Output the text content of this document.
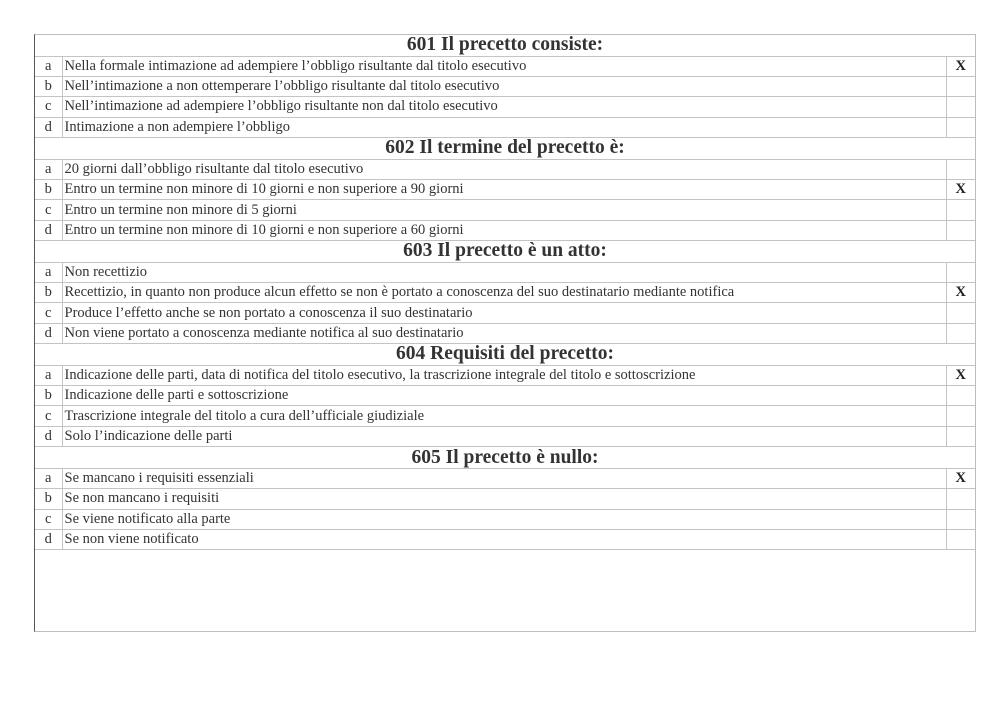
601 Il precetto consiste:		
a	Nella formale intimazione ad adempiere l’obbligo risultante dal titolo esecutivo	X
b	Nell’intimazione a non ottemperare l’obbligo risultante dal titolo esecutivo	
c	Nell’intimazione ad adempiere l’obbligo risultante non dal titolo esecutivo	
d	Intimazione a non adempiere l’obbligo	
602 Il termine del precetto è:		
a	20 giorni dall’obbligo risultante dal titolo esecutivo	
b	Entro un termine non minore di 10 giorni e non superiore a 90 giorni	X
c	Entro un termine non minore di 5 giorni	
d	Entro un termine non minore di 10 giorni e non superiore a 60 giorni	
603 Il precetto è un atto:		
a	Non recettizio	
b	Recettizio, in quanto non produce alcun effetto se non è portato a conoscenza del suo destinatario mediante notifica	X
c	Produce l’effetto anche se non portato a conoscenza il suo destinatario	
d	Non viene portato a conoscenza mediante notifica al suo destinatario	
604 Requisiti del precetto:		
a	Indicazione delle parti, data di notifica del titolo esecutivo, la trascrizione integrale del titolo e sottoscrizione	X
b	Indicazione delle parti e sottoscrizione	
c	Trascrizione integrale del titolo a cura dell’ufficiale giudiziale	
d	Solo l’indicazione delle parti	
605 Il precetto è nullo:		
a	Se mancano i requisiti essenziali	X
b	Se non mancano i requisiti	
c	Se viene notificato alla parte	
d	Se non viene notificato	
